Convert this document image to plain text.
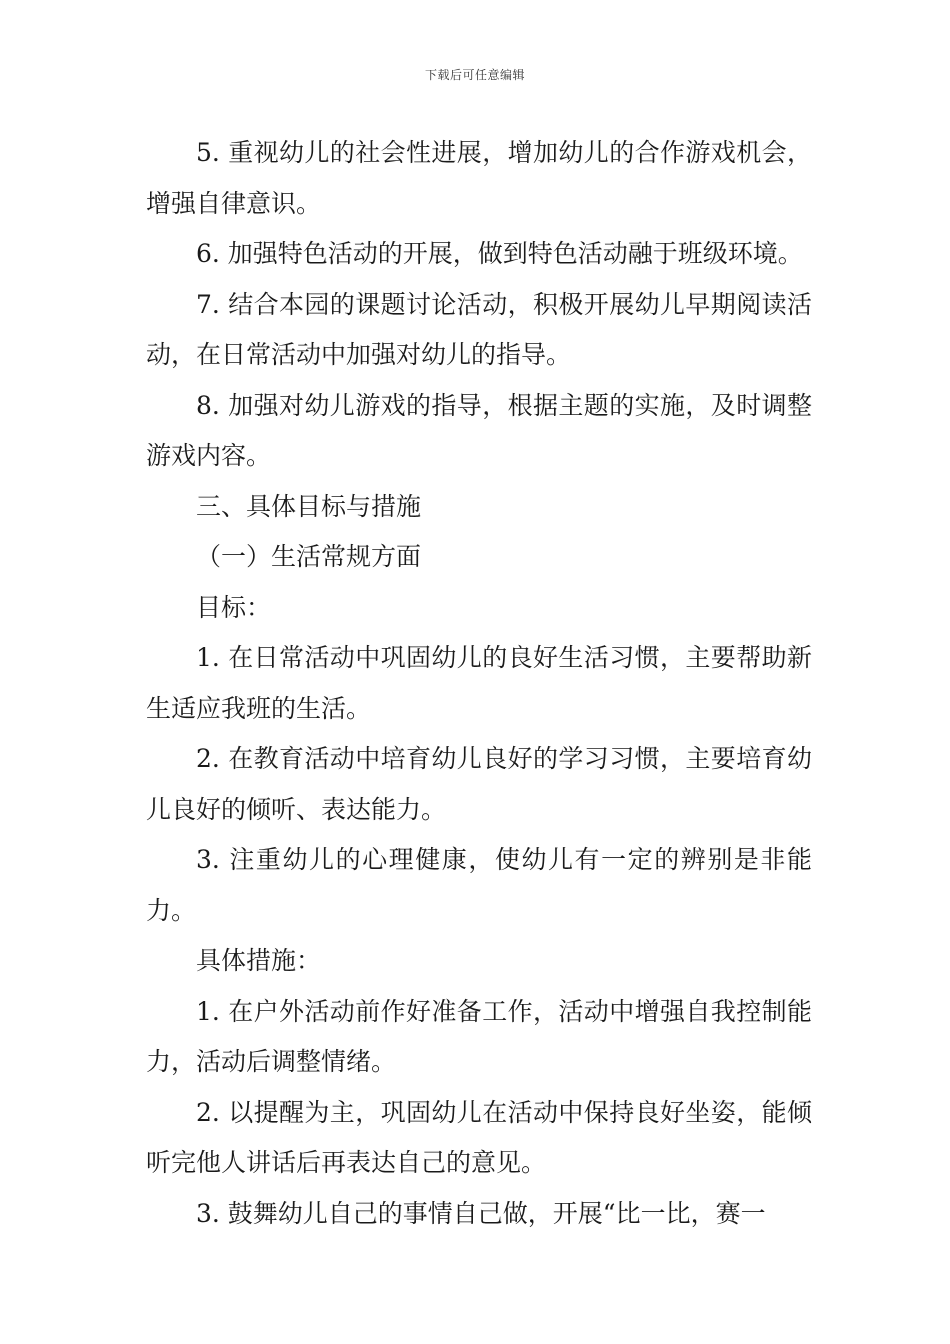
下载后可任意编辑

5. 重视幼儿的社会性进展，增加幼儿的合作游戏机会，增强自律意识。

6. 加强特色活动的开展，做到特色活动融于班级环境。

7. 结合本园的课题讨论活动，积极开展幼儿早期阅读活动，在日常活动中加强对幼儿的指导。

8. 加强对幼儿游戏的指导，根据主题的实施，及时调整游戏内容。

三、具体目标与措施

（一）生活常规方面

目标：

1. 在日常活动中巩固幼儿的良好生活习惯，主要帮助新生适应我班的生活。

2. 在教育活动中培育幼儿良好的学习习惯，主要培育幼儿良好的倾听、表达能力。

3. 注重幼儿的心理健康，使幼儿有一定的辨别是非能力。

具体措施：

1. 在户外活动前作好准备工作，活动中增强自我控制能力，活动后调整情绪。

2. 以提醒为主，巩固幼儿在活动中保持良好坐姿，能倾听完他人讲话后再表达自己的意见。

3. 鼓舞幼儿自己的事情自己做，开展“比一比，赛一
